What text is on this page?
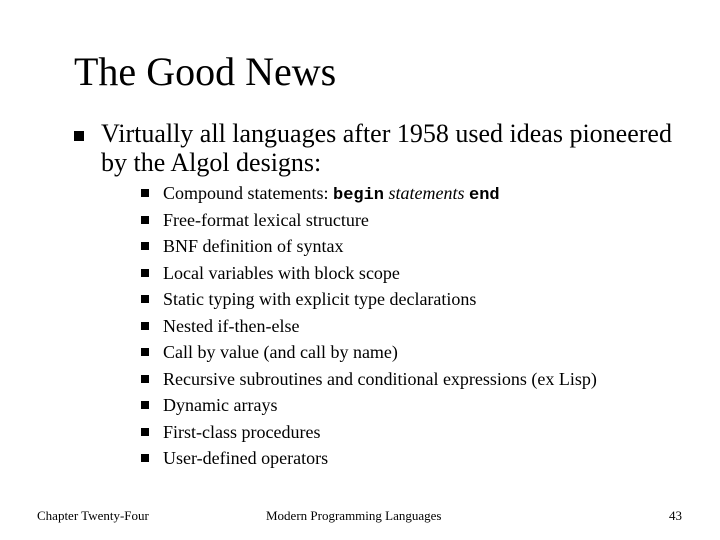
The Good News
Virtually all languages after 1958 used ideas pioneered by the Algol designs:
Compound statements: begin statements end
Free-format lexical structure
BNF definition of syntax
Local variables with block scope
Static typing with explicit type declarations
Nested if-then-else
Call by value (and call by name)
Recursive subroutines and conditional expressions (ex Lisp)
Dynamic arrays
First-class procedures
User-defined operators
Chapter Twenty-Four	Modern Programming Languages	43
